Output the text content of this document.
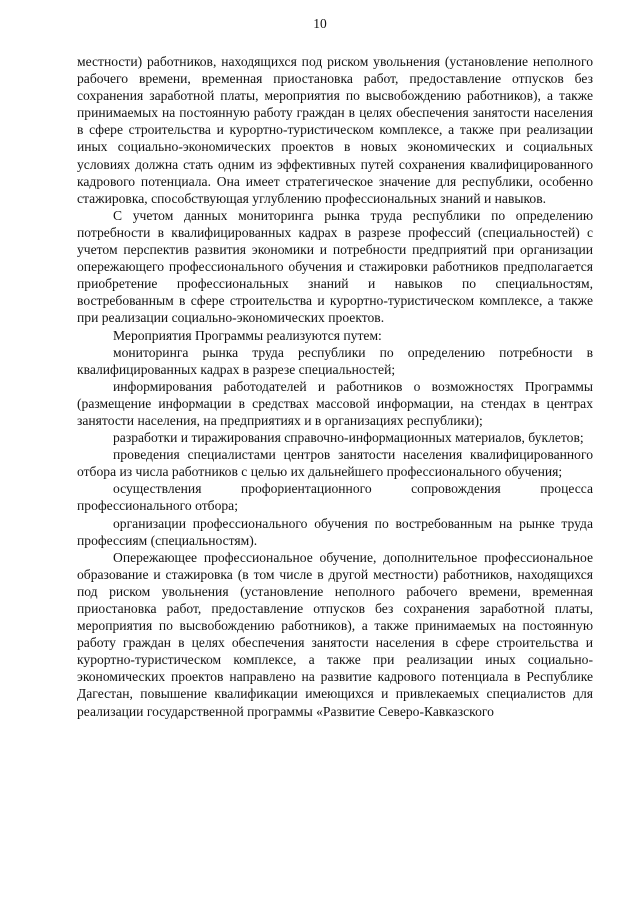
10

местности) работников, находящихся под риском увольнения (установление неполного рабочего времени, временная приостановка работ, предоставление отпусков без сохранения заработной платы, мероприятия по высвобождению работников), а также принимаемых на постоянную работу граждан в целях обеспечения занятости населения в сфере строительства и курортно-туристическом комплексе, а также при реализации иных социально-экономических проектов в новых экономических и социальных условиях должна стать одним из эффективных путей сохранения квалифицированного кадрового потенциала. Она имеет стратегическое значение для республики, особенно стажировка, способствующая углублению профессиональных знаний и навыков.

С учетом данных мониторинга рынка труда республики по определению потребности в квалифицированных кадрах в разрезе профессий (специальностей) с учетом перспектив развития экономики и потребности предприятий при организации опережающего профессионального обучения и стажировки работников предполагается приобретение профессиональных знаний и навыков по специальностям, востребованным в сфере строительства и курортно-туристическом комплексе, а также при реализации социально-экономических проектов.

Мероприятия Программы реализуются путем:

мониторинга рынка труда республики по определению потребности в квалифицированных кадрах в разрезе специальностей;

информирования работодателей и работников о возможностях Программы (размещение информации в средствах массовой информации, на стендах в центрах занятости населения, на предприятиях и в организациях республики);

разработки и тиражирования справочно-информационных материалов, буклетов;

проведения специалистами центров занятости населения квалифицированного отбора из числа работников с целью их дальнейшего профессионального обучения;

осуществления профориентационного сопровождения процесса профессионального отбора;

организации профессионального обучения по востребованным на рынке труда профессиям (специальностям).

Опережающее профессиональное обучение, дополнительное профессиональное образование и стажировка (в том числе в другой местности) работников, находящихся под риском увольнения (установление неполного рабочего времени, временная приостановка работ, предоставление отпусков без сохранения заработной платы, мероприятия по высвобождению работников), а также принимаемых на постоянную работу граждан в целях обеспечения занятости населения в сфере строительства и курортно-туристическом комплексе, а также при реализации иных социально-экономических проектов направлено на развитие кадрового потенциала в Республике Дагестан, повышение квалификации имеющихся и привлекаемых специалистов для реализации государственной программы «Развитие Северо-Кавказского
